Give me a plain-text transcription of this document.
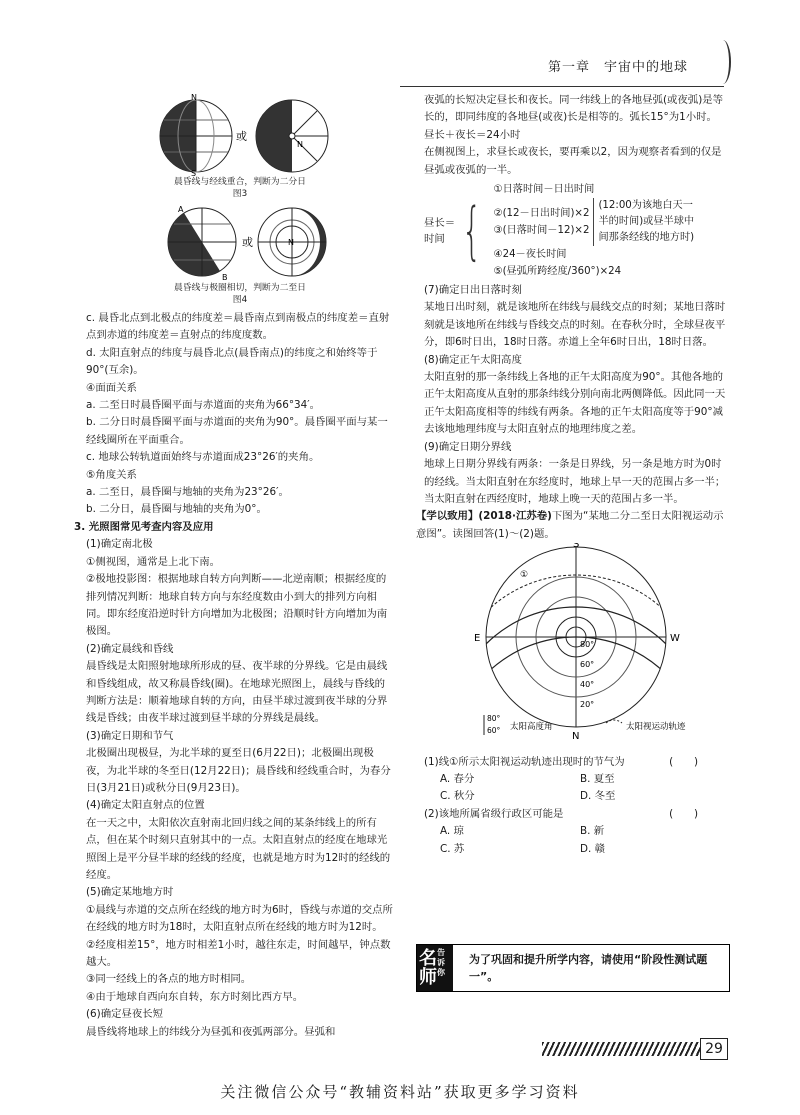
第一章　宇宙中的地球
N
S
或
N

晨昏线与经线重合，判断为二分日

图3

A
B
或	N

晨昏线与极圈相切，判断为二至日

图4

c. 晨昏北点到北极点的纬度差＝晨昏南点到南极点的纬度差＝直射点到赤道的纬度差＝直射点的纬度度数。

d. 太阳直射点的纬度与晨昏北点(晨昏南点)的纬度之和始终等于90°(互余)。

④面面关系

a. 二至日时晨昏圈平面与赤道面的夹角为66°34′。

b. 二分日时晨昏圈平面与赤道面的夹角为90°。晨昏圈平面与某一经线圈所在平面重合。

c. 地球公转轨道面始终与赤道面成23°26′的夹角。

⑤角度关系

a. 二至日，晨昏圈与地轴的夹角为23°26′。

b. 二分日，晨昏圈与地轴的夹角为0°。

3. 光照图常见考查内容及应用

(1)确定南北极

①侧视图，通常是上北下南。

②极地投影图：根据地球自转方向判断——北逆南顺；根据经度的排列情况判断：地球自转方向与东经度数由小到大的排列方向相同。即东经度沿逆时针方向增加为北极图；沿顺时针方向增加为南极图。

(2)确定晨线和昏线

晨昏线是太阳照射地球所形成的昼、夜半球的分界线。它是由晨线和昏线组成，故又称晨昏线(圈)。在地球光照图上，晨线与昏线的判断方法是：顺着地球自转的方向，由昼半球过渡到夜半球的分界线是昏线；由夜半球过渡到昼半球的分界线是晨线。

(3)确定日期和节气

北极圈出现极昼，为北半球的夏至日(6月22日)；北极圈出现极夜，为北半球的冬至日(12月22日)；晨昏线和经线重合时，为春分日(3月21日)或秋分日(9月23日)。

(4)确定太阳直射点的位置

在一天之中，太阳依次直射南北回归线之间的某条纬线上的所有点，但在某个时刻只直射其中的一点。太阳直射点的经度在地球光照图上是平分昼半球的经线的经度，也就是地方时为12时的经线的经度。

(5)确定某地地方时

①晨线与赤道的交点所在经线的地方时为6时，昏线与赤道的交点所在经线的地方时为18时，太阳直射点所在经线的地方时为12时。

②经度相差15°，地方时相差1小时，越往东走，时间越早，钟点数越大。

③同一经线上的各点的地方时相同。

④由于地球自西向东自转，东方时刻比西方早。

(6)确定昼夜长短

晨昏线将地球上的纬线分为昼弧和夜弧两部分。昼弧和

夜弧的长短决定昼长和夜长。同一纬线上的各地昼弧(或夜弧)是等长的，即同纬度的各地昼(或夜)长是相等的。弧长15°为1小时。

昼长＋夜长＝24小时

在侧视图上，求昼长或夜长，要再乘以2，因为观察者看到的仅是昼弧或夜弧的一半。

昼长＝时间 {
①日落时间－日出时间
②(12－日出时间)×2
③(日落时间－12)×2
(12:00为该地白天一半的时间)或昼半球中间那条经线的地方时)
④24－夜长时间
⑤(昼弧所跨经度/360°)×24

(7)确定日出日落时刻

某地日出时刻，就是该地所在纬线与晨线交点的时刻；某地日落时刻就是该地所在纬线与昏线交点的时刻。在春秋分时，全球昼夜平分，即6时日出，18时日落。赤道上全年6时日出，18时日落。

(8)确定正午太阳高度

太阳直射的那一条纬线上各地的正午太阳高度为90°。其他各地的正午太阳高度从直射的那条纬线分别向南北两侧降低。因此同一天正午太阳高度相等的纬线有两条。各地的正午太阳高度等于90°减去该地地理纬度与太阳直射点的地理纬度之差。

(9)确定日期分界线

地球上日期分界线有两条：一条是日界线，另一条是地方时为0时的经线。当太阳直射在东经度时，地球上早一天的范围占多一半；当太阳直射在西经度时，地球上晚一天的范围占多一半。

【学以致用】(2018·江苏卷)下图为“某地二分二至日太阳视运动示意图”。读图回答(1)～(2)题。

S
E	W
N
①
80°
60°
40°
20°
80°
60° 太阳高度角	太阳视运动轨迹

(1)线①所示太阳视运动轨迹出现时的节气为	(　　)

A. 春分	B. 夏至
C. 秋分	D. 冬至

(2)该地所属省级行政区可能是	(　　)

A. 琼	B. 新
C. 苏	D. 赣
名师
告诉你
为了巩固和提升所学内容，请使用“阶段性测试题一”。
29
关注微信公众号“教辅资料站”获取更多学习资料
